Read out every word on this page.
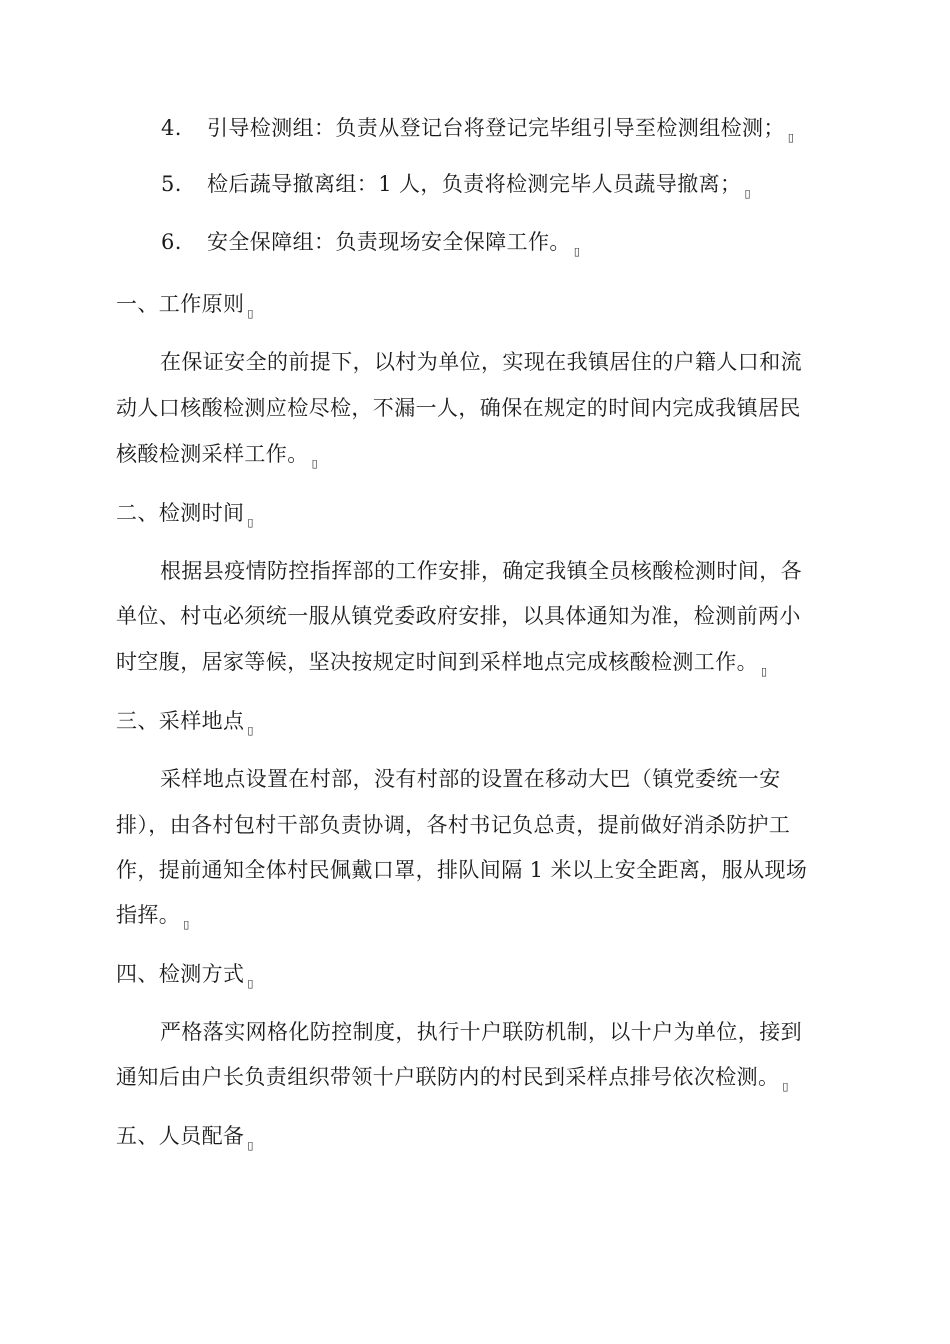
4. 引导检测组：负责从登记台将登记完毕组引导至检测组检测； ▯
5. 检后蔬导撤离组：1 人，负责将检测完毕人员蔬导撤离； ▯
6. 安全保障组：负责现场安全保障工作。 ▯
一、工作原则 ▯
在保证安全的前提下，以村为单位，实现在我镇居住的户籍人口和流
动人口核酸检测应检尽检，不漏一人，确保在规定的时间内完成我镇居民
核酸检测采样工作。 ▯
二、检测时间 ▯
根据县疫情防控指挥部的工作安排，确定我镇全员核酸检测时间，各
单位、村屯必须统一服从镇党委政府安排，以具体通知为准，检测前两小
时空腹，居家等候，坚决按规定时间到采样地点完成核酸检测工作。 ▯
三、采样地点 ▯
采样地点设置在村部，没有村部的设置在移动大巴（镇党委统一安
排），由各村包村干部负责协调，各村书记负总责，提前做好消杀防护工
作，提前通知全体村民佩戴口罩，排队间隔 1 米以上安全距离，服从现场
指挥。 ▯
四、检测方式 ▯
严格落实网格化防控制度，执行十户联防机制，以十户为单位，接到
通知后由户长负责组织带领十户联防内的村民到采样点排号依次检测。 ▯
五、人员配备 ▯
